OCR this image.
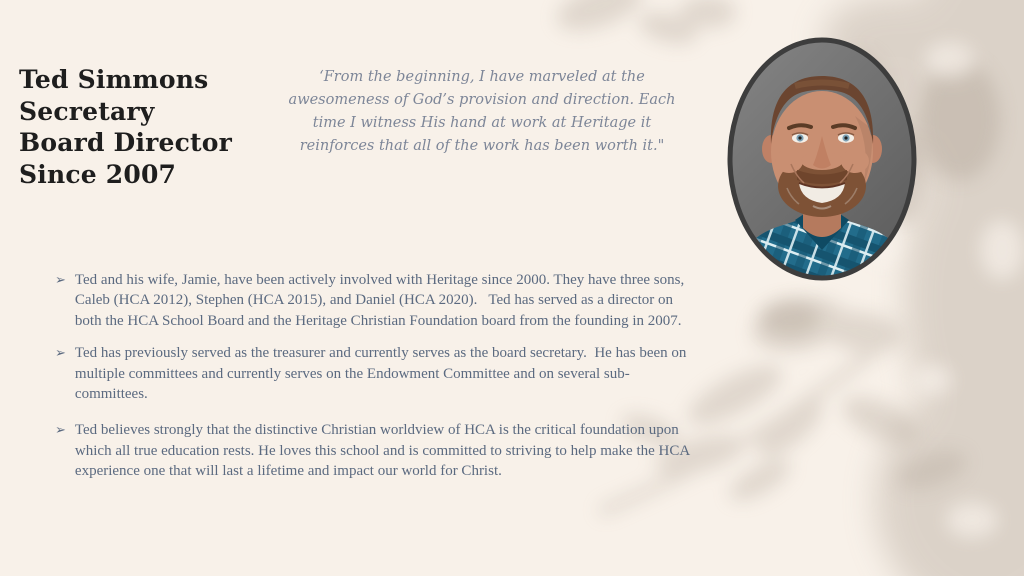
Ted Simmons
Secretary
Board Director
Since 2007

‘From the beginning, I have marveled at the awesomeness of God’s provision and direction. Each time I witness His hand at work at Heritage it reinforces that all of the work has been worth it."

➢ Ted and his wife, Jamie, have been actively involved with Heritage since 2000. They have three sons, Caleb (HCA 2012), Stephen (HCA 2015), and Daniel (HCA 2020).   Ted has served as a director on both the HCA School Board and the Heritage Christian Foundation board from the founding in 2007.
➢ Ted has previously served as the treasurer and currently serves as the board secretary.  He has been on multiple committees and currently serves on the Endowment Committee and on several sub-committees.
➢ Ted believes strongly that the distinctive Christian worldview of HCA is the critical foundation upon which all true education rests. He loves this school and is committed to striving to help make the HCA experience one that will last a lifetime and impact our world for Christ.
